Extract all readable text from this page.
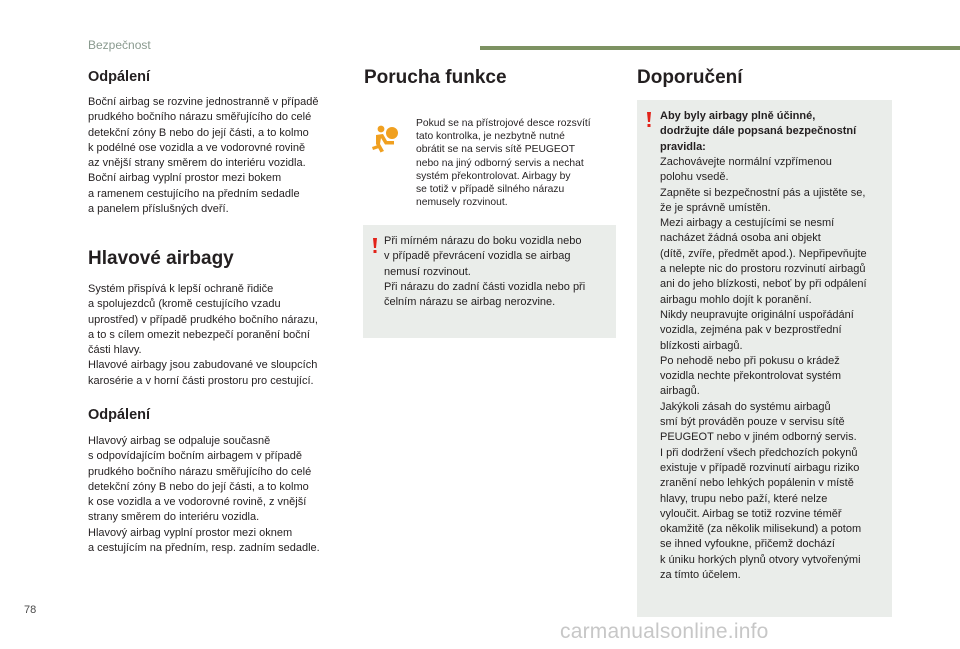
Bezpečnost
Odpálení
Boční airbag se rozvine jednostranně v případě
prudkého bočního nárazu směřujícího do celé
detekční zóny B nebo do její části, a to kolmo
k podélné ose vozidla a ve vodorovné rovině
az vnější strany směrem do interiéru vozidla.
Boční airbag vyplní prostor mezi bokem
a ramenem cestujícího na předním sedadle
a panelem příslušných dveří.
Hlavové airbagy
Systém přispívá k lepší ochraně řidiče
a spolujezdců (kromě cestujícího vzadu
uprostřed) v případě prudkého bočního nárazu,
a to s cílem omezit nebezpečí poranění boční
části hlavy.
Hlavové airbagy jsou zabudované ve sloupcích
karosérie a v horní části prostoru pro cestující.
Odpálení
Hlavový airbag se odpaluje současně
s odpovídajícím bočním airbagem v případě
prudkého bočního nárazu směřujícího do celé
detekční zóny B nebo do její části, a to kolmo
k ose vozidla a ve vodorovné rovině, z vnější
strany směrem do interiéru vozidla.
Hlavový airbag vyplní prostor mezi oknem
a cestujícím na předním, resp. zadním sedadle.
Porucha funkce
Pokud se na přístrojové desce rozsvítí
tato kontrolka, je nezbytně nutné
obrátit se na servis sítě PEUGEOT
nebo na jiný odborný servis a nechat
systém překontrolovat. Airbagy by
se totiž v případě silného nárazu
nemusely rozvinout.
Při mírném nárazu do boku vozidla nebo
v případě převrácení vozidla se airbag
nemusí rozvinout.
Při nárazu do zadní části vozidla nebo při
čelním nárazu se airbag nerozvine.
Doporučení
Aby byly airbagy plně účinné,
dodržujte dále popsaná bezpečnostní
pravidla:
Zachovávejte normální vzpřímenou
polohu vsedě.
Zapněte si bezpečnostní pás a ujistěte se,
že je správně umístěn.
Mezi airbagy a cestujícími se nesmí
nacházet žádná osoba ani objekt
(dítě, zvíře, předmět apod.). Nepřipevňujte
a nelepte nic do prostoru rozvinutí airbagů
ani do jeho blízkosti, neboť by při odpálení
airbagu mohlo dojít k poranění.
Nikdy neupravujte originální uspořádání
vozidla, zejména pak v bezprostřední
blízkosti airbagů.
Po nehodě nebo při pokusu o krádež
vozidla nechte překontrolovat systém
airbagů.
Jakýkoli zásah do systému airbagů
smí být prováděn pouze v servisu sítě
PEUGEOT nebo v jiném odborný servis.
I při dodržení všech předchozích pokynů
existuje v případě rozvinutí airbagu riziko
zranění nebo lehkých popálenin v místě
hlavy, trupu nebo paží, které nelze
vyloučit. Airbag se totiž rozvine téměř
okamžitě (za několik milisekund) a potom
se ihned vyfoukne, přičemž dochází
k úniku horkých plynů otvory vytvořenými
za tímto účelem.
78
carmanualsonline.info
